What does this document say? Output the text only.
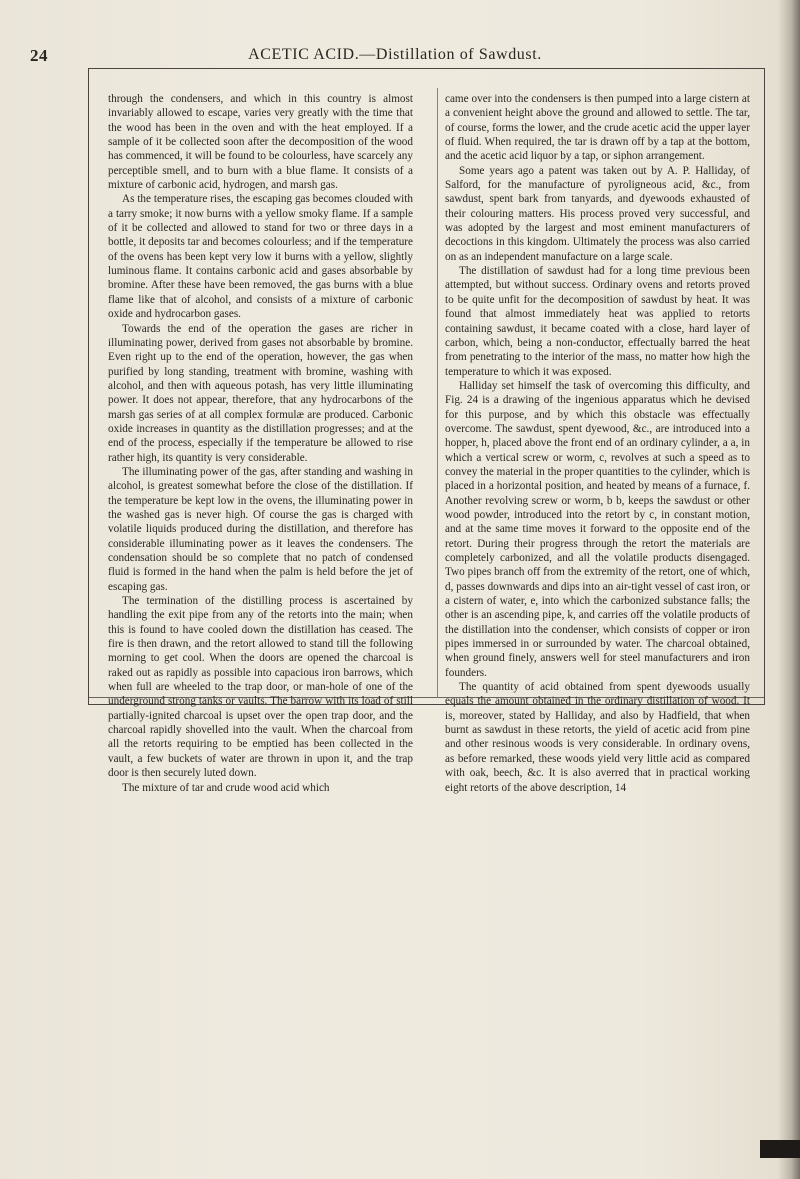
24	ACETIC ACID.—Distillation of Sawdust.

through the condensers, and which in this country is almost invariably allowed to escape, varies very greatly with the time that the wood has been in the oven and with the heat employed. If a sample of it be collected soon after the decomposition of the wood has commenced, it will be found to be colourless, have scarcely any perceptible smell, and to burn with a blue flame. It consists of a mixture of carbonic acid, hydrogen, and marsh gas.

As the temperature rises, the escaping gas becomes clouded with a tarry smoke; it now burns with a yellow smoky flame. If a sample of it be collected and allowed to stand for two or three days in a bottle, it deposits tar and becomes colourless; and if the temperature of the ovens has been kept very low it burns with a yellow, slightly luminous flame. It contains carbonic acid and gases absorbable by bromine. After these have been removed, the gas burns with a blue flame like that of alcohol, and consists of a mixture of carbonic oxide and hydrocarbon gases.

Towards the end of the operation the gases are richer in illuminating power, derived from gases not absorbable by bromine. Even right up to the end of the operation, however, the gas when purified by long standing, treatment with bromine, washing with alcohol, and then with aqueous potash, has very little illuminating power. It does not appear, therefore, that any hydrocarbons of the marsh gas series of at all complex formulæ are produced. Carbonic oxide increases in quantity as the distillation progresses; and at the end of the process, especially if the temperature be allowed to rise rather high, its quantity is very considerable.

The illuminating power of the gas, after standing and washing in alcohol, is greatest somewhat before the close of the distillation. If the temperature be kept low in the ovens, the illuminating power in the washed gas is never high. Of course the gas is charged with volatile liquids produced during the distillation, and therefore has considerable illuminating power as it leaves the condensers. The condensation should be so complete that no patch of condensed fluid is formed in the hand when the palm is held before the jet of escaping gas.

The termination of the distilling process is ascertained by handling the exit pipe from any of the retorts into the main; when this is found to have cooled down the distillation has ceased. The fire is then drawn, and the retort allowed to stand till the following morning to get cool. When the doors are opened the charcoal is raked out as rapidly as possible into capacious iron barrows, which when full are wheeled to the trap door, or man-hole of one of the underground strong tanks or vaults. The barrow with its load of still partially-ignited charcoal is upset over the open trap door, and the charcoal rapidly shovelled into the vault. When the charcoal from all the retorts requiring to be emptied has been collected in the vault, a few buckets of water are thrown in upon it, and the trap door is then securely luted down.

The mixture of tar and crude wood acid which

came over into the condensers is then pumped into a large cistern at a convenient height above the ground and allowed to settle. The tar, of course, forms the lower, and the crude acetic acid the upper layer of fluid. When required, the tar is drawn off by a tap at the bottom, and the acetic acid liquor by a tap, or siphon arrangement.

Some years ago a patent was taken out by A. P. Halliday, of Salford, for the manufacture of pyroligneous acid, &c., from sawdust, spent bark from tanyards, and dyewoods exhausted of their colouring matters. His process proved very successful, and was adopted by the largest and most eminent manufacturers of decoctions in this kingdom. Ultimately the process was also carried on as an independent manufacture on a large scale.

The distillation of sawdust had for a long time previous been attempted, but without success. Ordinary ovens and retorts proved to be quite unfit for the decomposition of sawdust by heat. It was found that almost immediately heat was applied to retorts containing sawdust, it became coated with a close, hard layer of carbon, which, being a non-conductor, effectually barred the heat from penetrating to the interior of the mass, no matter how high the temperature to which it was exposed.

Halliday set himself the task of overcoming this difficulty, and Fig. 24 is a drawing of the ingenious apparatus which he devised for this purpose, and by which this obstacle was effectually overcome. The sawdust, spent dyewood, &c., are introduced into a hopper, h, placed above the front end of an ordinary cylinder, a a, in which a vertical screw or worm, c, revolves at such a speed as to convey the material in the proper quantities to the cylinder, which is placed in a horizontal position, and heated by means of a furnace, f. Another revolving screw or worm, b b, keeps the sawdust or other wood powder, introduced into the retort by c, in constant motion, and at the same time moves it forward to the opposite end of the retort. During their progress through the retort the materials are completely carbonized, and all the volatile products disengaged. Two pipes branch off from the extremity of the retort, one of which, d, passes downwards and dips into an air-tight vessel of cast iron, or a cistern of water, e, into which the carbonized substance falls; the other is an ascending pipe, k, and carries off the volatile products of the distillation into the condenser, which consists of copper or iron pipes immersed in or surrounded by water. The charcoal obtained, when ground finely, answers well for steel manufacturers and iron founders.

The quantity of acid obtained from spent dyewoods usually equals the amount obtained in the ordinary distillation of wood. It is, moreover, stated by Halliday, and also by Hadfield, that when burnt as sawdust in these retorts, the yield of acetic acid from pine and other resinous woods is very considerable. In ordinary ovens, as before remarked, these woods yield very little acid as compared with oak, beech, &c. It is also averred that in practical working eight retorts of the above description, 14
